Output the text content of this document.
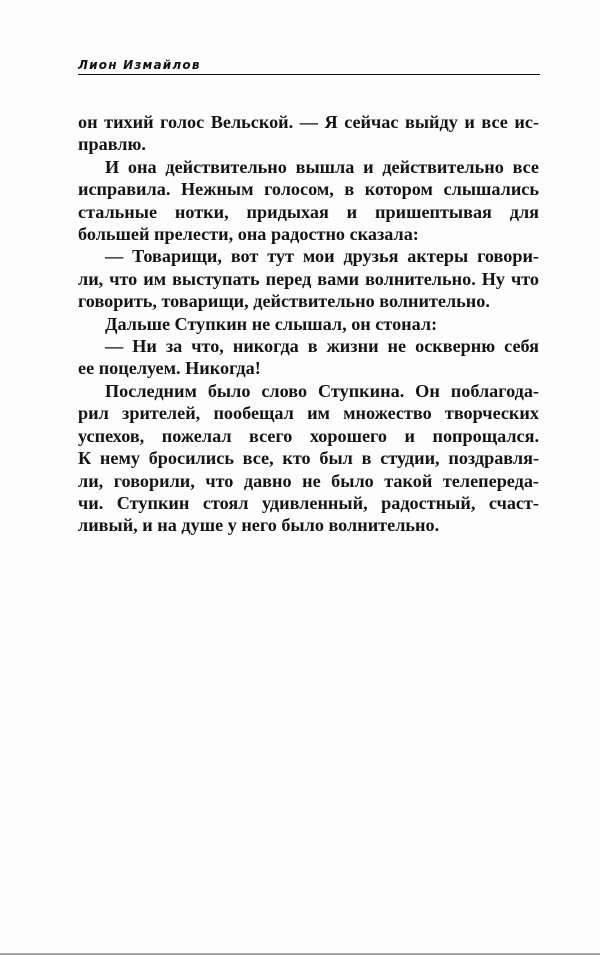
Лион Измайлов
он тихий голос Вельской. — Я сейчас выйду и все ис-
правлю.
И она действительно вышла и действительно все
исправила. Нежным голосом, в котором слышались
стальные нотки, придыхая и пришептывая для
большей прелести, она радостно сказала:
— Товарищи, вот тут мои друзья актеры говори-
ли, что им выступать перед вами волнительно. Ну что
говорить, товарищи, действительно волнительно.
Дальше Ступкин не слышал, он стонал:
— Ни за что, никогда в жизни не оскверню себя
ее поцелуем. Никогда!
Последним было слово Ступкина. Он поблагода-
рил зрителей, пообещал им множество творческих
успехов, пожелал всего хорошего и попрощался.
К нему бросились все, кто был в студии, поздравля-
ли, говорили, что давно не было такой телепереда-
чи. Ступкин стоял удивленный, радостный, счаст-
ливый, и на душе у него было волнительно.
